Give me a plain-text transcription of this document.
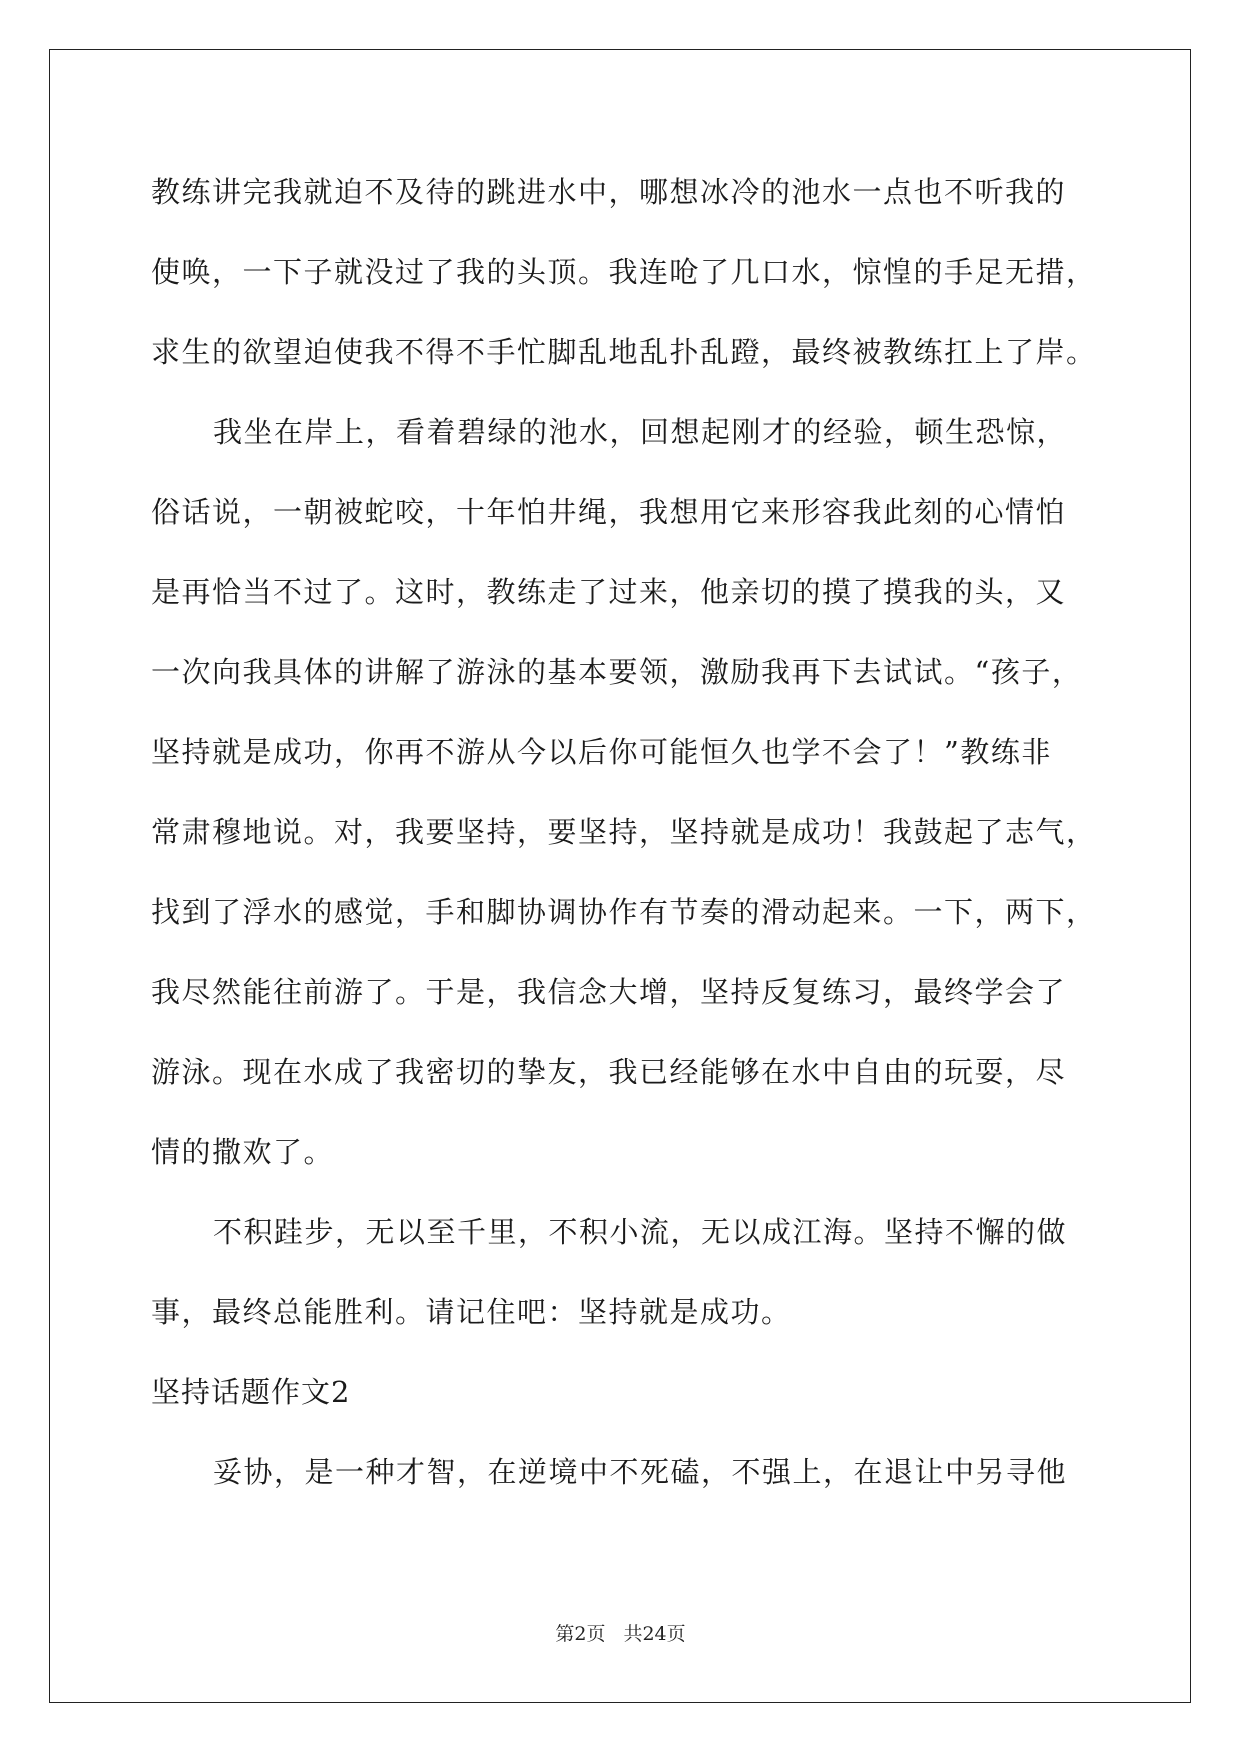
教练讲完我就迫不及待的跳进水中，哪想冰冷的池水一点也不听我的
使唤，一下子就没过了我的头顶。我连呛了几口水，惊惶的手足无措，
求生的欲望迫使我不得不手忙脚乱地乱扑乱蹬，最终被教练扛上了岸。
我坐在岸上，看着碧绿的池水，回想起刚才的经验，顿生恐惊，
俗话说，一朝被蛇咬，十年怕井绳，我想用它来形容我此刻的心情怕
是再恰当不过了。这时，教练走了过来，他亲切的摸了摸我的头，又
一次向我具体的讲解了游泳的基本要领，激励我再下去试试。“孩子，
坚持就是成功，你再不游从今以后你可能恒久也学不会了！”教练非
常肃穆地说。对，我要坚持，要坚持，坚持就是成功！我鼓起了志气，
找到了浮水的感觉，手和脚协调协作有节奏的滑动起来。一下，两下，
我尽然能往前游了。于是，我信念大增，坚持反复练习，最终学会了
游泳。现在水成了我密切的挚友，我已经能够在水中自由的玩耍，尽
情的撒欢了。
不积跬步，无以至千里，不积小流，无以成江海。坚持不懈的做
事，最终总能胜利。请记住吧：坚持就是成功。
坚持话题作文2
妥协，是一种才智，在逆境中不死磕，不强上，在退让中另寻他
第2页 共24页
